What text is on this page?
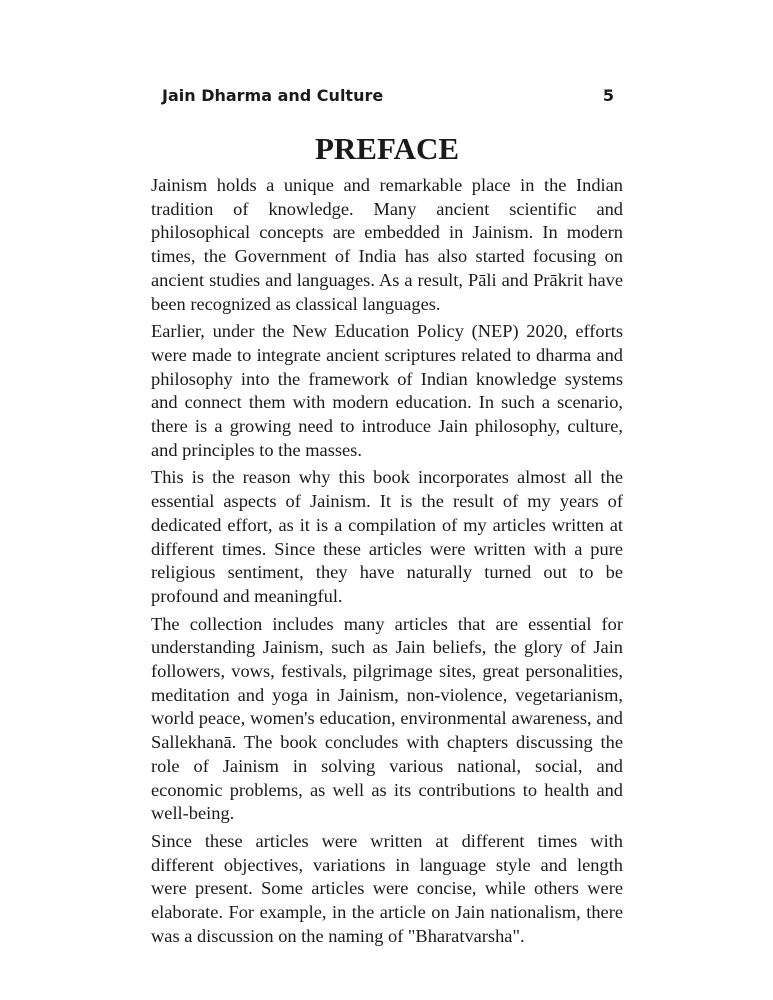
Jain Dharma and Culture	5
PREFACE

Jainism holds a unique and remarkable place in the Indian tradition of knowledge. Many ancient scientific and philosophical concepts are embedded in Jainism. In modern times, the Government of India has also started focusing on ancient studies and languages. As a result, Pāli and Prākrit have been recognized as classical languages.

Earlier, under the New Education Policy (NEP) 2020, efforts were made to integrate ancient scriptures related to dharma and philosophy into the framework of Indian knowledge systems and connect them with modern education. In such a scenario, there is a growing need to introduce Jain philosophy, culture, and principles to the masses.

This is the reason why this book incorporates almost all the essential aspects of Jainism. It is the result of my years of dedicated effort, as it is a compilation of my articles written at different times. Since these articles were written with a pure religious sentiment, they have naturally turned out to be profound and meaningful.

The collection includes many articles that are essential for understanding Jainism, such as Jain beliefs, the glory of Jain followers, vows, festivals, pilgrimage sites, great personalities, meditation and yoga in Jainism, non-violence, vegetarianism, world peace, women's education, environmental awareness, and Sallekhanā. The book concludes with chapters discussing the role of Jainism in solving various national, social, and economic problems, as well as its contributions to health and well-being.

Since these articles were written at different times with different objectives, variations in language style and length were present. Some articles were concise, while others were elaborate. For example, in the article on Jain nationalism, there was a discussion on the naming of "Bharatvarsha".
